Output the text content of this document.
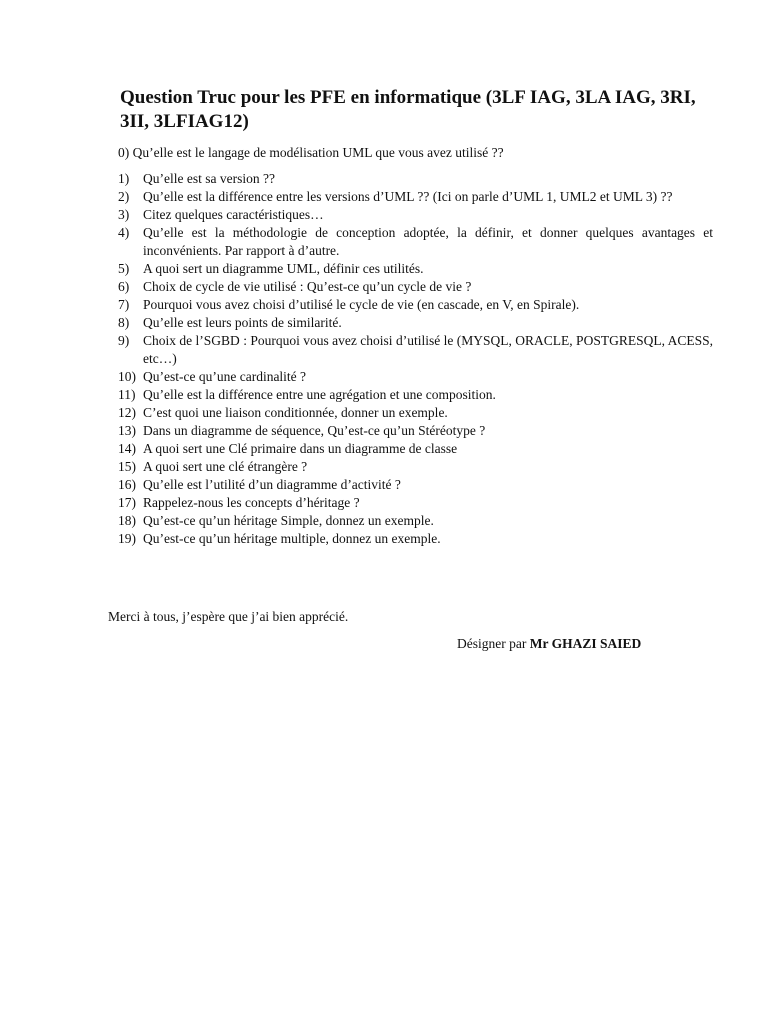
Question Truc pour les PFE en informatique (3LF IAG, 3LA IAG, 3RI, 3II, 3LFIAG12)

0) Qu’elle est le langage de modélisation UML que vous avez utilisé ??

1)	Qu’elle est sa version ??
2)	Qu’elle est la différence entre les versions d’UML ?? (Ici on parle d’UML 1, UML2 et UML 3) ??
3)	Citez quelques caractéristiques…
4)	Qu’elle est la méthodologie de conception adoptée, la définir, et donner quelques avantages et inconvénients. Par rapport à d’autre.
5)	A quoi sert un diagramme UML, définir ces utilités.
6)	Choix de cycle de vie utilisé : Qu’est-ce qu’un cycle de vie ?
7)	Pourquoi vous avez choisi d’utilisé le cycle de vie (en cascade, en V, en Spirale).
8)	Qu’elle est leurs points de similarité.
9)	Choix de l’SGBD : Pourquoi vous avez choisi d’utilisé le (MYSQL, ORACLE, POSTGRESQL, ACESS, etc…)
10) Qu’est-ce qu’une cardinalité ?
11) Qu’elle est la différence entre une agrégation et une composition.
12) C’est quoi une liaison conditionnée, donner un exemple.
13) Dans un diagramme de séquence, Qu’est-ce qu’un Stéréotype ?
14) A quoi sert une Clé primaire dans un diagramme de classe
15) A quoi sert une clé étrangère ?
16) Qu’elle est l’utilité d’un diagramme d’activité ?
17) Rappelez-nous les concepts d’héritage ?
18) Qu’est-ce qu’un héritage Simple, donnez un exemple.
19) Qu’est-ce qu’un héritage multiple, donnez un exemple.

Merci à tous, j’espère que j’ai bien apprécié.

Désigner par Mr GHAZI SAIED
